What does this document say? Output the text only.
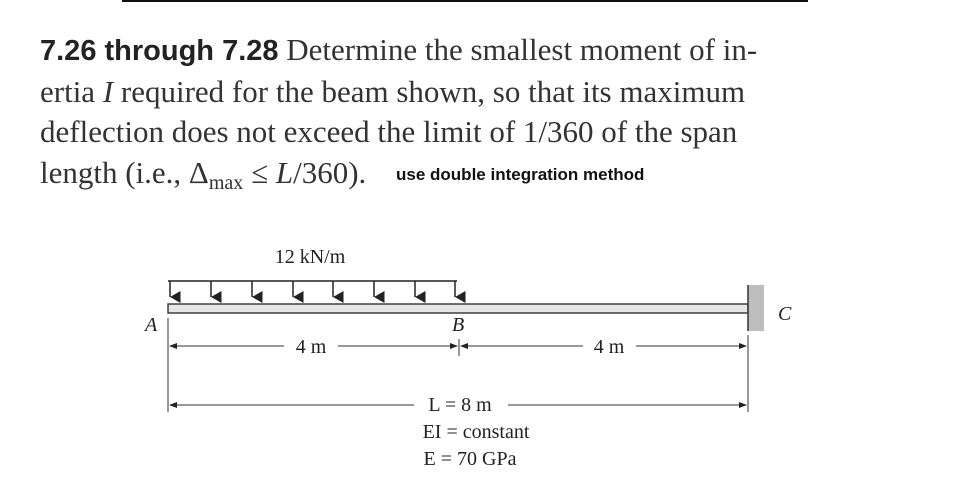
7.26 through 7.28 Determine the smallest moment of in-
ertia I required for the beam shown, so that its maximum
deflection does not exceed the limit of 1/360 of the span
length (i.e., $\Delta_{max} \le L/360$). use double integration method
12 kN/m
A	B	C
4 m	4 m
L = 8 m
EI = constant
E = 70 GPa
